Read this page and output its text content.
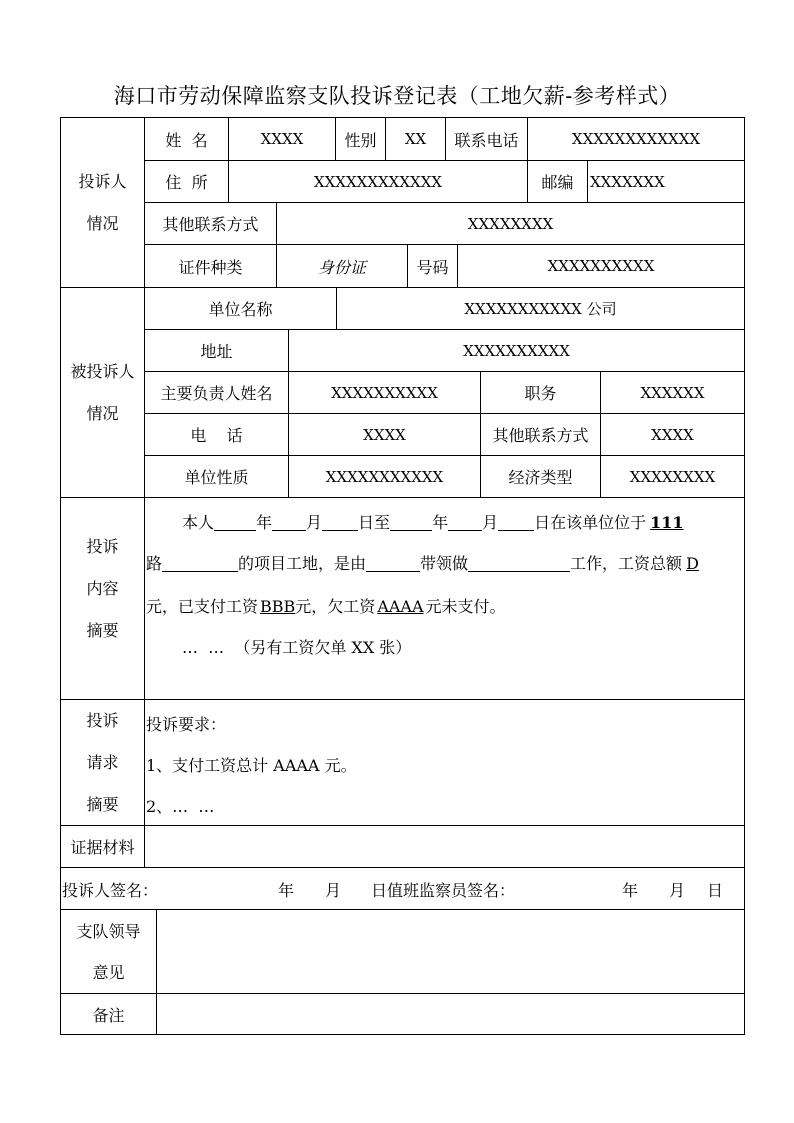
海口市劳动保障监察支队投诉登记表（工地欠薪-参考样式）
投诉人
情况
姓  名	XXXX	性别	XX	联系电话	XXXXXXXXXXXX
住  所	XXXXXXXXXXXX	邮编	XXXXXXX
其他联系方式	XXXXXXXX
证件种类	身份证	号码	XXXXXXXXXX
被投诉人
情况
单位名称	XXXXXXXXXXX 公司
地址	XXXXXXXXXX
主要负责人姓名	XXXXXXXXXX	职务	XXXXXX
电    话	XXXX	其他联系方式	XXXX
单位性质	XXXXXXXXXXX	经济类型	XXXXXXXX
投诉
内容
摘要
本人	年 月 日至	年 月 日在该单位位于 111
路	的项目工地，是由	带领做	工作，工资总额 D
元，已支付工资 BBB元，欠工资 AAAA 元未支付。
…  …  （另有工资欠单 XX 张）
投诉
请求
摘要
投诉要求：
1、支付工资总计 AAAA 元。
2、…  …
证据材料
投诉人签名：	年 月 日值班监察员签名：	年 月 日
支队领导
意见
备注
